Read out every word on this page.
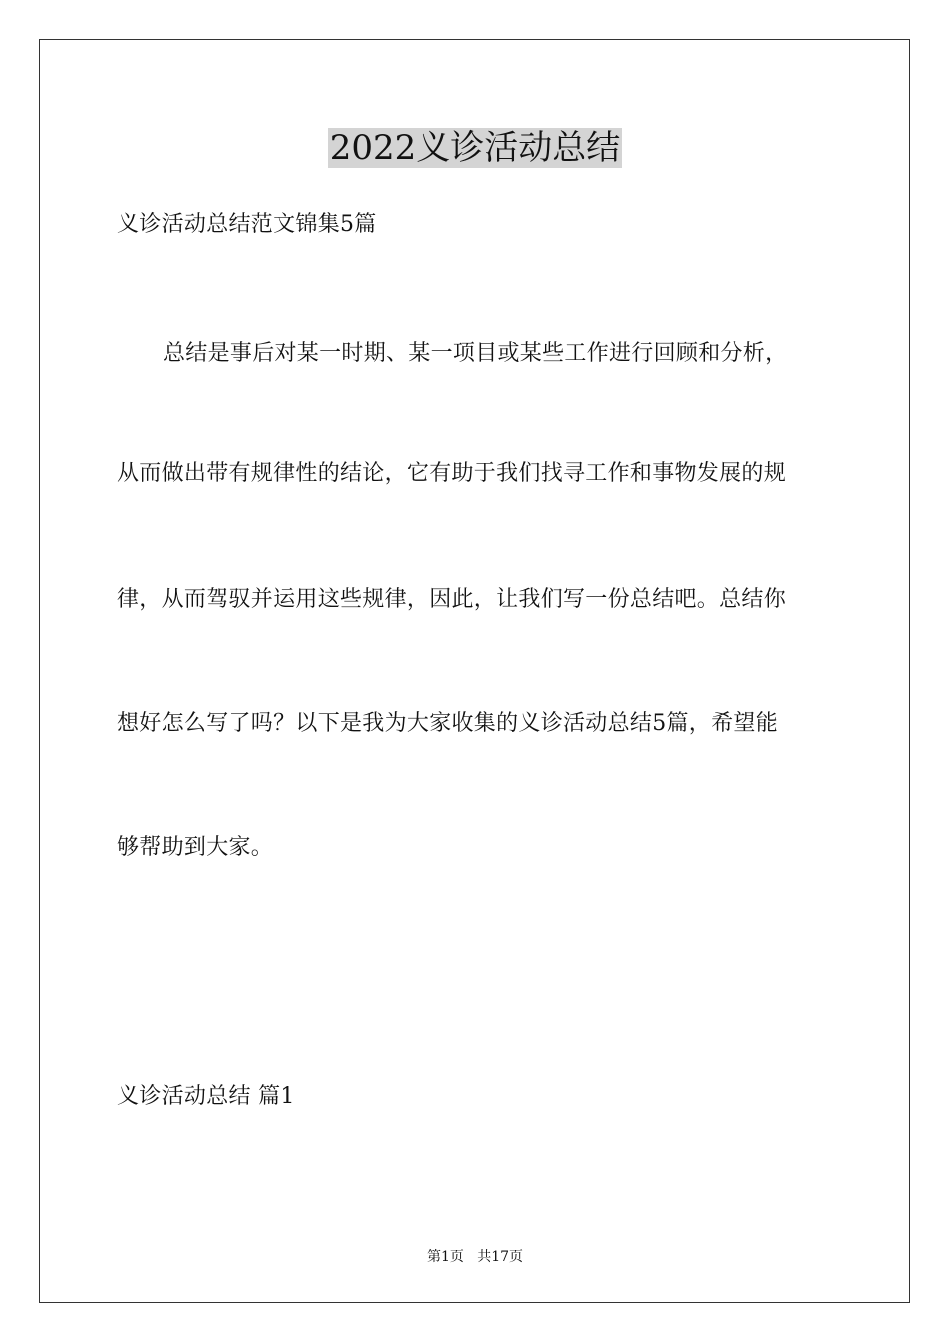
2022义诊活动总结

义诊活动总结范文锦集5篇

总结是事后对某一时期、某一项目或某些工作进行回顾和分析，

从而做出带有规律性的结论，它有助于我们找寻工作和事物发展的规

律，从而驾驭并运用这些规律，因此，让我们写一份总结吧。总结你

想好怎么写了吗？以下是我为大家收集的义诊活动总结5篇，希望能

够帮助到大家。

义诊活动总结 篇1

第1页   共17页
